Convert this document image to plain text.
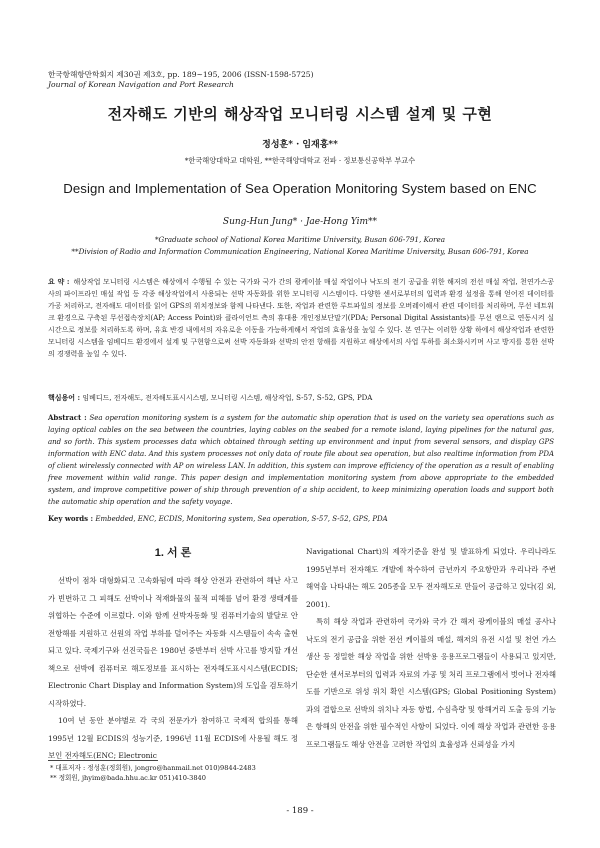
한국항해항만학회지 제30권 제3호, pp. 189~195, 2006 (ISSN-1598-5725)
Journal of Korean Navigation and Port Research
전자해도 기반의 해상작업 모니터링 시스템 설계 및 구현
정성훈* · 임재홍**
*한국해양대학교 대학원, **한국해양대학교 전파 · 정보통신공학부 부교수
Design and Implementation of Sea Operation Monitoring System based on ENC
Sung-Hun Jung* · Jae-Hong Yim**
*Graduate school of National Korea Maritime University, Busan 606-791, Korea
**Division of Radio and Information Communication Engineering, National Korea Maritime University, Busan 606-791, Korea
요 약 : 해상작업 모니터링 시스템은 해상에서 수행될 수 있는 국가와 국가 간의 광케이블 매설 작업이나 낙도의 전기 공급을 위한 해저의 전선 매설 작업, 천연가스공사의 파이프라인 매설 작업 등 각종 해상작업에서 사용되는 선박 자동화를 위한 모니터링 시스템이다. 다양한 센서로부터의 입력과 환경 설정을 통해 얻어진 데이터를 가공 처리하고, 전자해도 데이터를 읽어 GPS의 위치정보와 함께 나타낸다. 또한, 작업과 관련한 루트파일의 정보를 오버레이해서 관련 데이터를 처리하며, 무선 네트워크 환경으로 구축된 무선접속장치(AP; Access Point)와 클라이언트 측의 휴대용 개인정보단말기(PDA; Personal Digital Assistants)를 무선 랜으로 연동시켜 실시간으로 정보를 처리하도록 하며, 유효 반경 내에서의 자유로운 이동을 가능하게해서 작업의 효율성을 높일 수 있다. 본 연구는 이러한 상황 하에서 해상작업과 관련한 모니터링 시스템을 임베디드 환경에서 설계 및 구현함으로써 선박 자동화와 선박의 안전 항해를 지원하고 해상에서의 사업 투하를 최소화시키며 사고 방지를 통한 선박의 경쟁력을 높일 수 있다.
핵심용어 : 임베디드, 전자해도, 전자해도표시시스템, 모니터링 시스템, 해상작업, S-57, S-52, GPS, PDA
Abstract : Sea operation monitoring system is a system for the automatic ship operation that is used on the variety sea operations such as laying optical cables on the sea between the countries, laying cables on the seabed for a remote island, laying pipelines for the natural gas, and so forth. This system processes data which obtained through setting up environment and input from several sensors, and display GPS information with ENC data. And this system processes not only data of route file about sea operation, but also realtime information from PDA of client wirelessly connected with AP on wireless LAN. In addition, this system can improve efficiency of the operation as a result of enabling free movement within valid range. This paper design and implementation monitoring system from above appropriate to the embedded system, and improve competitive power of ship through prevention of a ship accident, to keep minimizing operation loads and support both the automatic ship operation and the safety voyage.
Key words : Embedded, ENC, ECDIS, Monitoring system, Sea operation, S-57, S-52, GPS, PDA
1. 서 론

선박이 점차 대형화되고 고속화됨에 따라 해상 안전과 관련하여 해난 사고가 빈번하고 그 피해도 선박이나 적재화물의 물적 피해를 넘어 환경 생태계를 위협하는 수준에 이르렀다. 이와 함께 선박자동화 및 컴퓨터기술의 발달로 안전항해를 지원하고 선원의 작업 부하를 덜어주는 자동화 시스템들이 속속 출현되고 있다. 국제기구와 선진국들은 1980년 중반부터 선박 사고를 방지할 개선책으로 선박에 컴퓨터로 해도정보를 표시하는 전자해도표시시스템(ECDIS; Electronic Chart Display and Information System)의 도입을 검토하기 시작하였다.

10여 년 동안 분야별로 각 국의 전문가가 참여하고 국제적 합의를 통해 1995년 12월 ECDIS의 성능기준, 1996년 11월 ECDIS에 사용될 해도 정보인 전자해도(ENC; Electronic

Navigational Chart)의 제작기준을 완성 및 발표하게 되었다. 우리나라도 1995년부터 전자해도 개발에 착수하여 금년까지 주요항만과 우리나라 주변 해역을 나타내는 해도 205종을 모두 전자해도로 만들어 공급하고 있다(김 외, 2001).

특히 해상 작업과 관련하여 국가와 국가 간 해저 광케이블의 매설 공사나 낙도의 전기 공급을 위한 전선 케이블의 매설, 해저의 유전 시설 및 천연 가스 생산 등 정밀한 해상 작업을 위한 선박용 응용프로그램들이 사용되고 있지만, 단순한 센서로부터의 입력과 자료의 가공 및 처리 프로그램에서 벗어나 전자해도를 기반으로 위성 위치 확인 시스템(GPS; Global Positioning System)과의 결합으로 선박의 위치나 자동 항법, 수심측량 및 항해거리 도출 등의 기능은 항해의 안전을 위한 필수적인 사항이 되었다. 이에 해상 작업과 관련한 응용 프로그램들도 해상 안전을 고려한 작업의 효율성과 신뢰성을 가지

* 대표저자 : 정성훈(정회원), jongro@hanmail.net 010)9844-2483
** 정회원, jhyim@bada.hhu.ac.kr 051)410-3840
- 189 -
